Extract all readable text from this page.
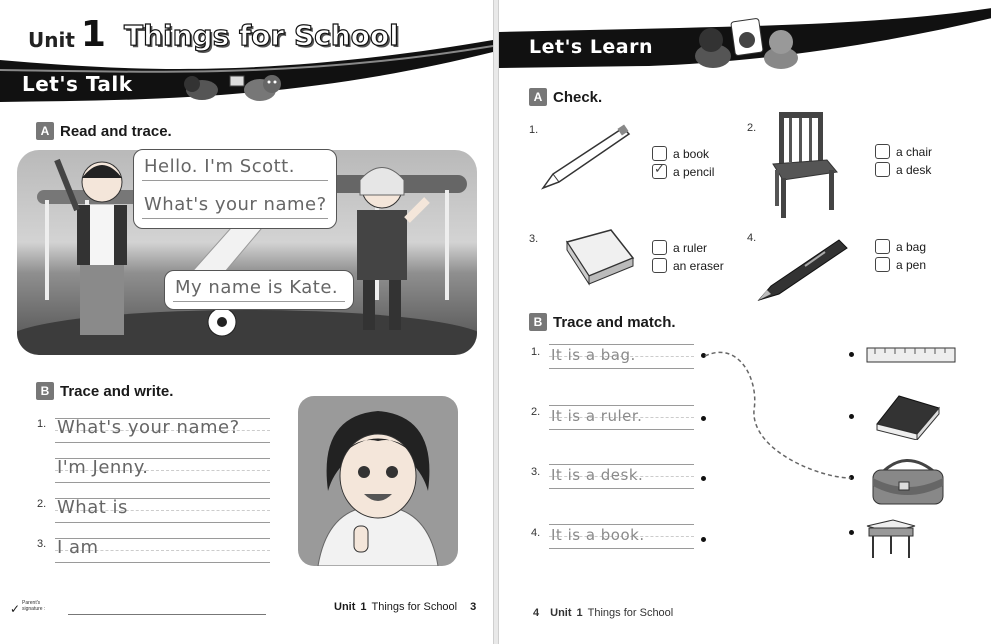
Unit 1 Things for School
Let's Talk
A Read and trace.
Hello. I'm Scott.
What's your name?
My name is Kate.
B Trace and write.
1. What's your name?
I'm Jenny.
2. What is
3. I am
✓ Parent's signature :	Unit 1 Things for School 3
Let's Learn
A Check.
1.
a book
✓ a pencil
2.
a chair
a desk
3.
a ruler
an eraser
4.
a bag
a pen
B Trace and match.
1. It is a bag.
2. It is a ruler.
3. It is a desk.
4. It is a book.
4 Unit 1 Things for School
